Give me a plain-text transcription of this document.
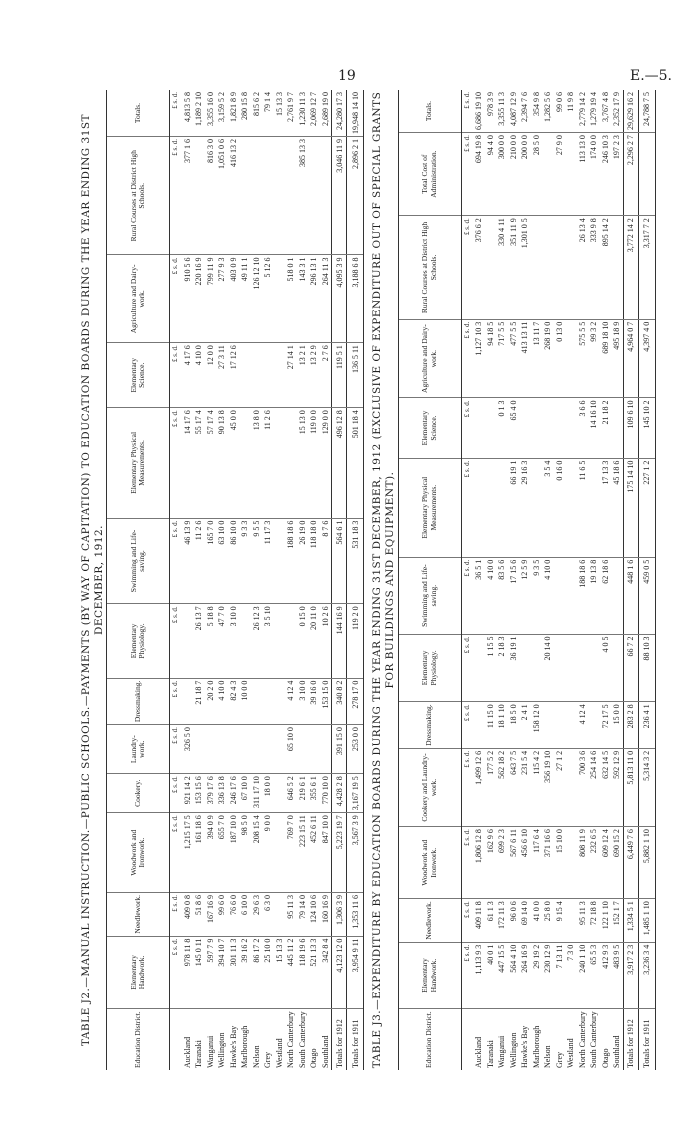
19	E.—5.
TABLE J2.—MANUAL INSTRUCTION.—PUBLIC SCHOOLS.—PAYMENTS (BY WAY OF CAPITATION) TO EDUCATION BOARDS DURING THE YEAR ENDING 31ST DECEMBER, 1912.
Education District.	Elementary Handwork.	Needlework.	Woodwork and Ironwork.	Cookery.	Laundry-work.	Dressmaking.	Elementary Physiology.	Swimming and Life-saving.	Elementary Physical Measurements.	Elementary Science.	Agriculture and Dairy-work.	Rural Courses at District High Schools.	Totals.
	£ s. d.	£ s. d.	£ s. d.	£ s. d.	£ s. d.	£ s. d.	£ s. d.	£ s. d.	£ s. d.	£ s. d.	£ s. d.	£ s. d.	£ s. d.
Auckland	978 11 8	409 0 8	1,215 17 5	921 14 2	326 5 0			46 13 9	14 17 6	4 17 6	910 5 6	377 1 6	4,813 5 8
Taranaki	145 0 11	51 8 6	161 18 6	153 15 6		21 18 7	26 13 7	11 2 6	55 17 4	4 10 0	220 16 9		1,189 2 10
Wanganui	597 7 9	167 16 9	394 0 9	379 17 6		20 2 0	5 18 8	165 7 0	57 17 4	12 0 0	799 11 9	816 3 0	3,355 16 0
Wellington	394 10 7	99 6 0	655 7 0	336 13 8		4 10 0	47 7 0	63 10 0	90 13 8	27 3 11	277 9 3	1,051 0 6	3,159 5 2
Hawke's Bay	301 11 3	76 6 0	187 10 0	246 17 6		82 4 3	3 10 0	86 10 0	45 0 0	17 12 6	403 0 9	416 13 2	1,821 8 9
Marlborough	39 16 2	6 10 0	98 5 0	67 10 0		10 0 0		9 3 3			49 11 1		280 15 8
Nelson	86 17 2	29 6 3	208 15 4	311 17 10			26 12 3	9 5 5	13 8 0		126 12 10		815 6 2
Grey	25 10 0	6 3 0	9 0 0	18 0 0			3 5 10	11 17 3	11 2 6		5 12 6		79 1 4
Westland	15 13 3												15 13 3
North Canterbury	445 11 2	95 11 3	769 7 0	646 5 2	65 10 0	4 12 4		188 18 6		27 14 1	518 0 1		2,761 9 7
South Canterbury	118 19 6	79 14 0	223 15 11	219 6 1		3 10 0	0 15 0	26 19 0	15 13 0	13 2 1	143 3 1	385 13 3	1,230 11 3
Otago	521 13 3	124 10 6	452 6 11	355 6 1		39 16 0	20 11 0	118 18 0	119 0 0	13 2 9	296 13 1		2,069 12 7
Southland	342 8 4	160 16 9	847 10 0	770 10 0		153 15 0	10 2 6	8 7 6	129 0 0	2 7 6	264 11 3		2,689 19 0
Totals for 1912	4,123 12 0	1,306 3 9	5,223 19 7	4,428 2 8	391 15 0	340 8 2	144 16 9	564 6 1	496 12 8	119 5 1	4,095 3 9	3,046 11 9	24,280 17 3
Totals for 1911	3,954 9 11	1,353 11 6	3,567 3 9	3,167 19 5	253 0 0	278 17 0	119 2 0	531 18 3	501 18 4	136 5 11	3,188 6 8	2,896 2 1	19,948 14 10 TABLE J3.—EXPENDITURE BY EDUCATION BOARDS DURING THE YEAR ENDING 31ST DECEMBER, 1912 (EXCLUSIVE OF EXPENDITURE OUT OF SPECIAL GRANTS FOR BUILDINGS AND EQUIPMENT).
Education District.	Elementary Handwork.	Needlework.	Woodwork and Ironwork.	Cookery and Laundry-work.	Dressmaking.	Elementary Physiology.	Swimming and Life-saving.	Elementary Physical Measurements.	Elementary Science.	Agriculture and Dairy-work.	Rural Courses at District High Schools.	Total Cost of Administration.	Totals.
	£ s. d.	£ s. d.	£ s. d.	£ s. d.	£ s. d.	£ s. d.	£ s. d.	£ s. d.	£ s. d.	£ s. d.	£ s. d.	£ s. d.	£ s. d.
Auckland	1,113 9 3	409 11 8	1,806 12 8	1,499 12 6			36 5 1			1,127 10 3	376 6 2	694 19 8	6,686 19 10
Taranaki	40 0 1	61 1 3	162 9 6	177 5 2	11 15 0	1 15 5	4 10 0			94 18 5		94 4 0	978 3 9
Wanganui	447 15 5	172 11 3	699 2 3	562 18 2	18 1 10	2 18 3	83 5 6		0 1 3	717 5 5	330 4 11	300 0 0	3,355 11 3
Wellington	564 4 10	96 0 6	567 6 11	643 7 5	18 5 0	36 19 1	17 15 6	66 19 1	65 4 0	477 5 5	351 11 9	210 0 0	4,087 12 9
Hawke's Bay	264 16 9	69 14 0	456 6 10	231 5 4	2 4 1		12 5 9	29 16 3		413 13 11	1,301 0 5	200 0 0	2,394 7 6
Marlborough	29 19 2	41 0 0	117 6 4	115 4 2	158 12 0		9 3 5			13 11 7		28 5 0	354 9 8
Nelson	230 12 9	25 8 0	371 16 6	356 19 10		20 14 0	4 10 0	3 5 4		268 19 0			1,282 5 6
Grey	7 13 11	9 15 4	15 10 0	27 1 2				0 16 0		0 13 0		27 9 0	99 0 6
Westland	7 3 0												11 9 8
North Canterbury	240 1 10	95 11 3	808 11 9	700 3 6	4 12 4		188 18 6	11 6 5	3 6 6	575 5 5	26 13 4	113 13 0	2,779 14 2
South Canterbury	65 5 3	72 18 8	232 6 5	254 14 6			19 13 8		14 16 10	99 3 2	333 9 8	174 0 0	1,279 19 4
Otago	412 9 3	122 1 10	609 12 4	632 14 5	72 17 5	4 0 5	62 18 6	17 13 3	21 18 2	689 18 10	895 14 2	246 10 3	3,767 4 8
Southland	483 9 5	152 1 7	690 15 2	592 12 9	15 0 0			45 18 6		495 18 9		197 2 3	2,352 17 9
Totals for 1912	3,917 2 3	1,334 5 1	6,449 7 6	5,813 11 0	283 2 8	66 7 2	448 1 6	175 14 10	109 6 10	4,964 0 7	3,772 14 2	2,296 2 7	29,629 16 2
Totals for 1911	3,236 3 4	1,485 1 10	5,882 1 10	5,314 3 2	236 4 1	88 10 3	459 0 5	227 1 2	145 10 2	4,397 4 0	3,317 7 2		24,788 7 5
